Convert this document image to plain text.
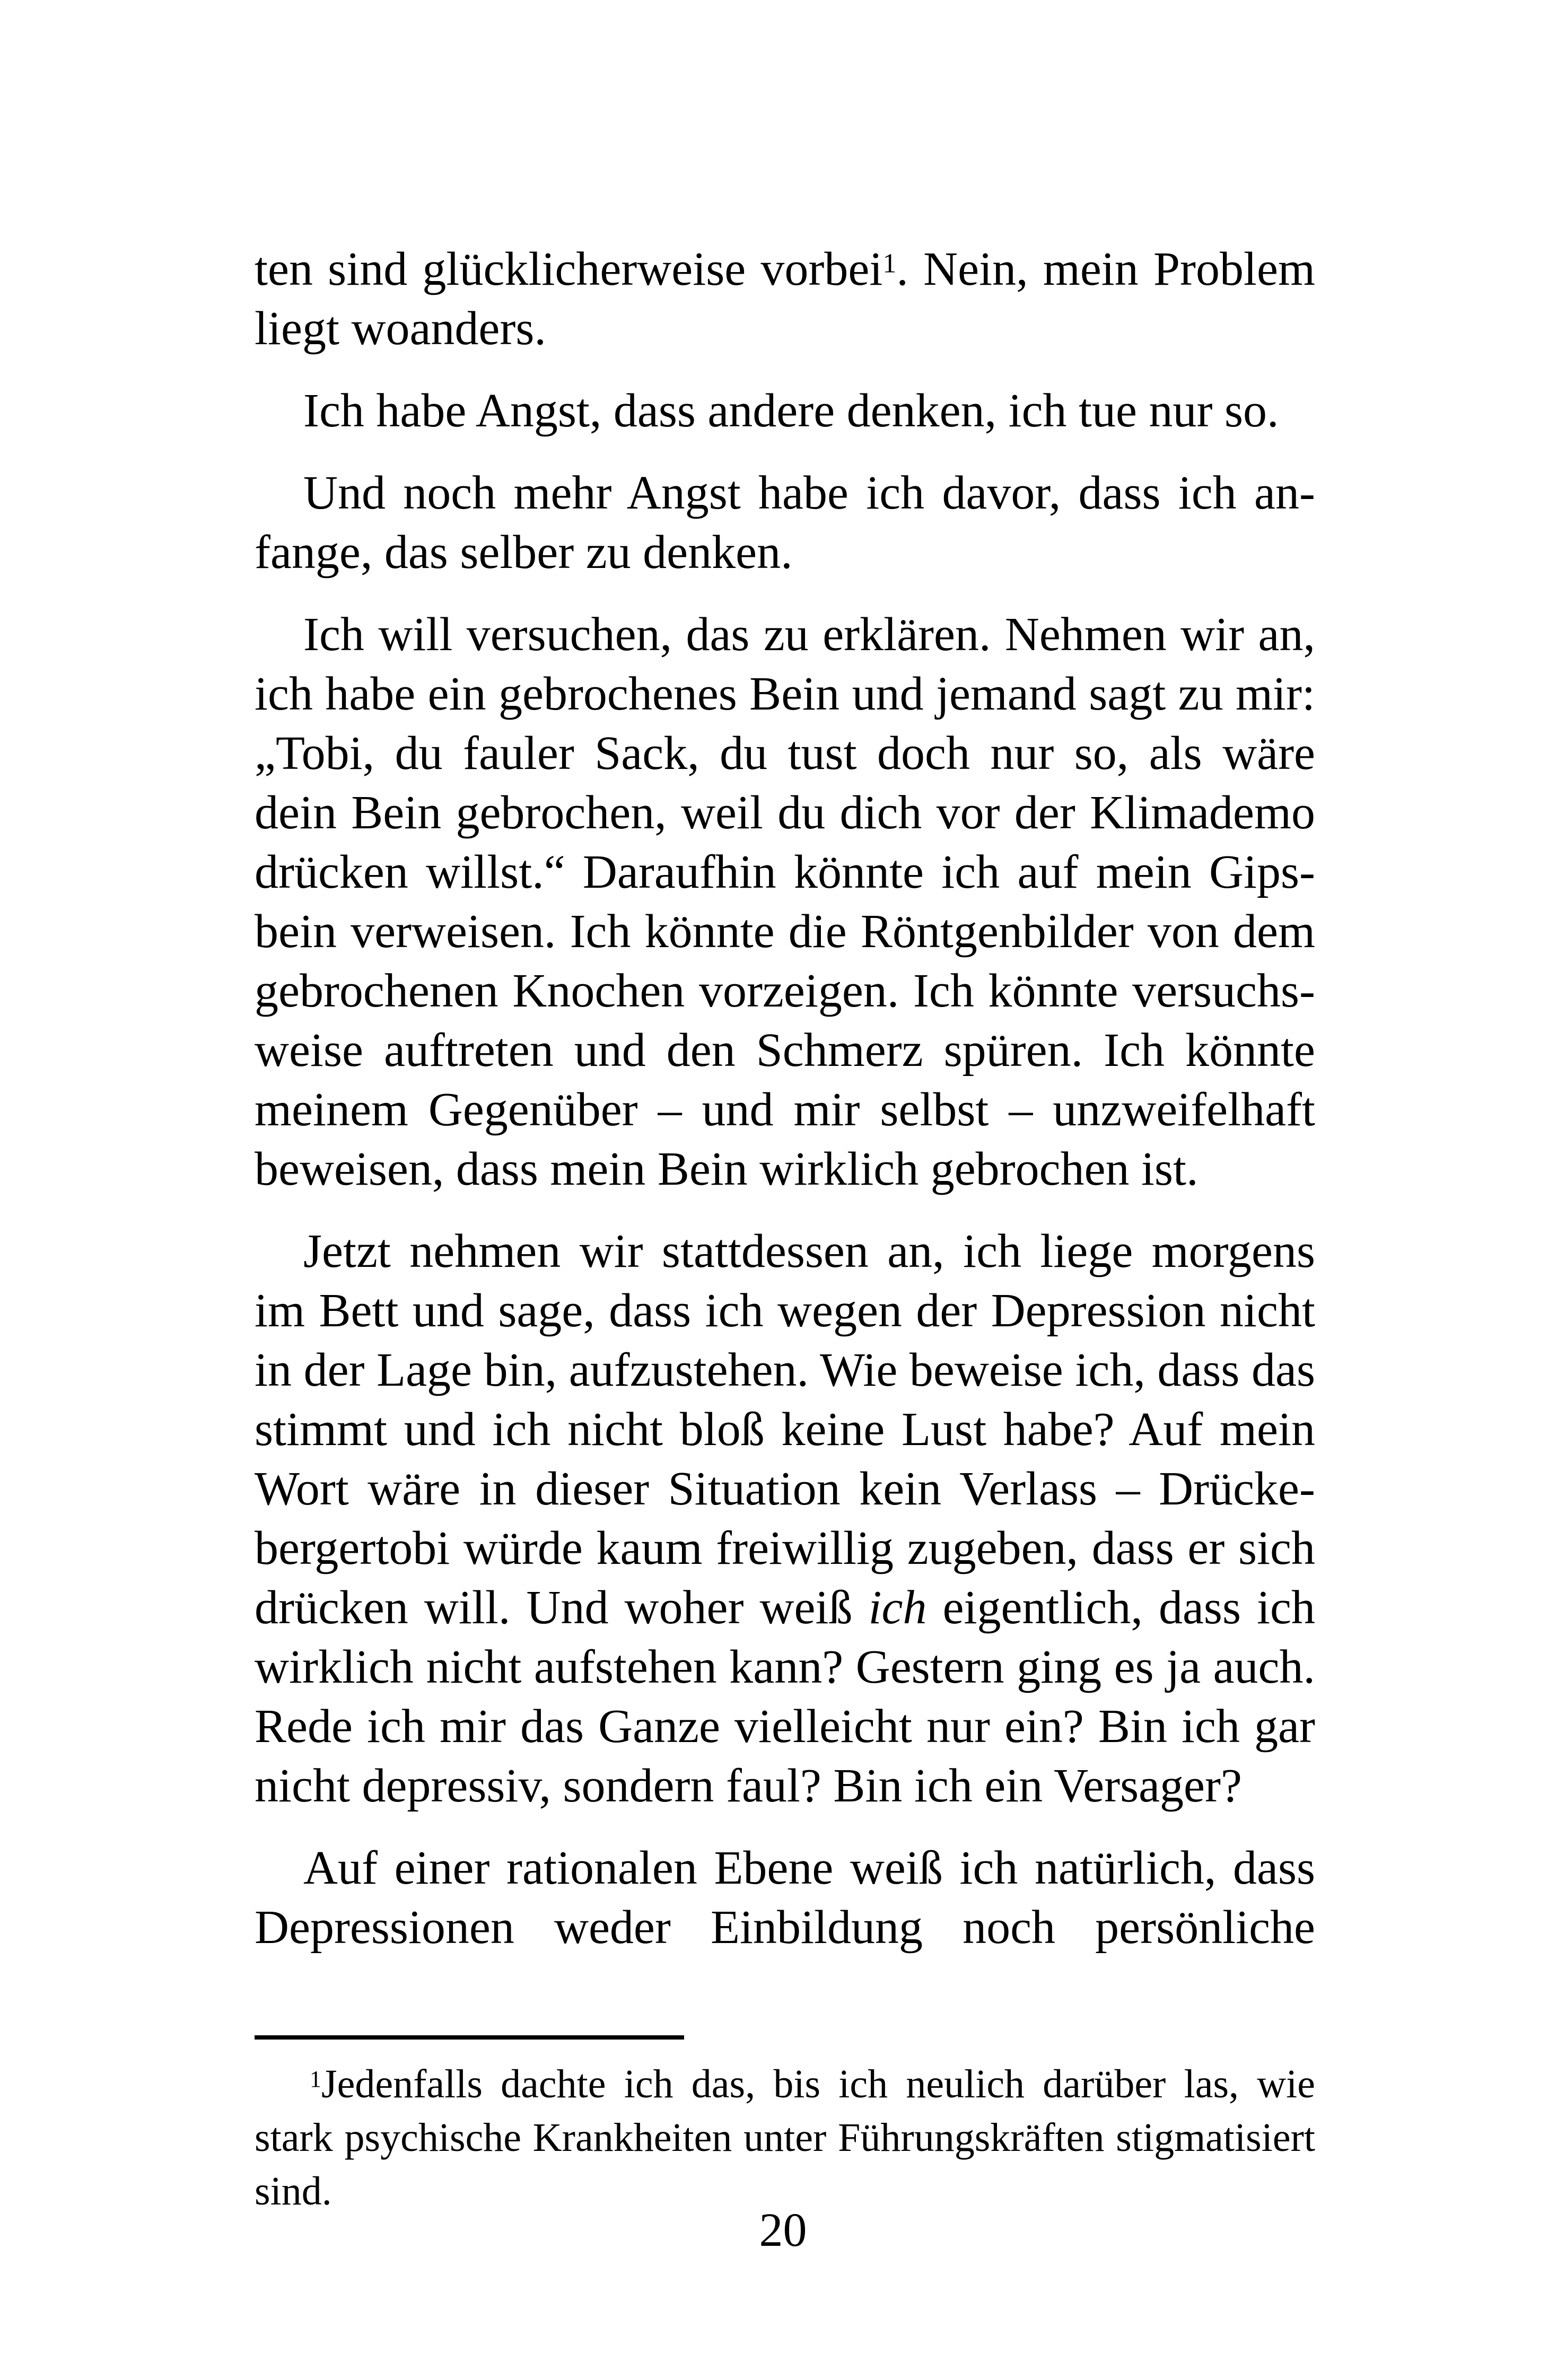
ten sind glücklicherweise vorbei$^1$. Nein, mein Problem liegt woanders.

Ich habe Angst, dass andere denken, ich tue nur so.

Und noch mehr Angst habe ich davor, dass ich anfange, das selber zu denken.

Ich will versuchen, das zu erklären. Nehmen wir an, ich habe ein gebrochenes Bein und jemand sagt zu mir: „Tobi, du fauler Sack, du tust doch nur so, als wäre dein Bein gebrochen, weil du dich vor der Klimademo drücken willst.“ Daraufhin könnte ich auf mein Gipsbein verweisen. Ich könnte die Röntgenbilder von dem gebrochenen Knochen vorzeigen. Ich könnte versuchsweise auftreten und den Schmerz spüren. Ich könnte meinem Gegenüber – und mir selbst – unzweifelhaft beweisen, dass mein Bein wirklich gebrochen ist.

Jetzt nehmen wir stattdessen an, ich liege morgens im Bett und sage, dass ich wegen der Depression nicht in der Lage bin, aufzustehen. Wie beweise ich, dass das stimmt und ich nicht bloß keine Lust habe? Auf mein Wort wäre in dieser Situation kein Verlass – Drückebergertobi würde kaum freiwillig zugeben, dass er sich drücken will. Und woher weiß ich eigentlich, dass ich wirklich nicht aufstehen kann? Gestern ging es ja auch. Rede ich mir das Ganze vielleicht nur ein? Bin ich gar nicht depressiv, sondern faul? Bin ich ein Versager?

Auf einer rationalen Ebene weiß ich natürlich, dass Depressionen weder Einbildung noch persönliche

$^1$Jedenfalls dachte ich das, bis ich neulich darüber las, wie stark psychische Krankheiten unter Führungskräften stigmatisiert sind.

20
